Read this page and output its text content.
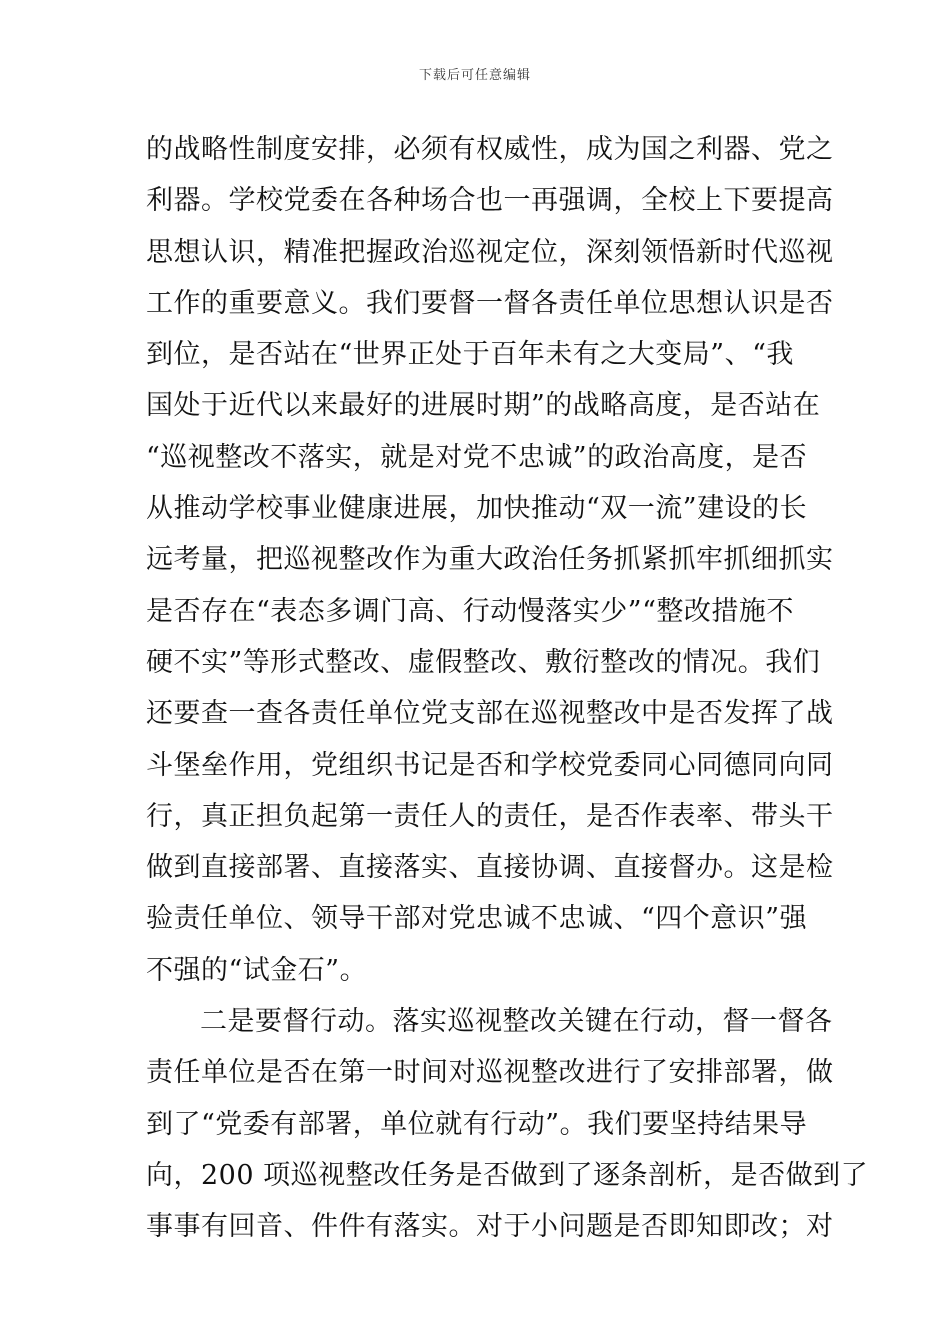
下载后可任意编辑
的战略性制度安排，必须有权威性，成为国之利器、党之
利器。学校党委在各种场合也一再强调，全校上下要提高
思想认识，精准把握政治巡视定位，深刻领悟新时代巡视
工作的重要意义。我们要督一督各责任单位思想认识是否
到位，是否站在“世界正处于百年未有之大变局”、“我
国处于近代以来最好的进展时期”的战略高度，是否站在
“巡视整改不落实，就是对党不忠诚”的政治高度，是否
从推动学校事业健康进展，加快推动“双一流”建设的长
远考量，把巡视整改作为重大政治任务抓紧抓牢抓细抓实
是否存在“表态多调门高、行动慢落实少”“整改措施不
硬不实”等形式整改、虚假整改、敷衍整改的情况。我们
还要查一查各责任单位党支部在巡视整改中是否发挥了战
斗堡垒作用，党组织书记是否和学校党委同心同德同向同
行，真正担负起第一责任人的责任，是否作表率、带头干
做到直接部署、直接落实、直接协调、直接督办。这是检
验责任单位、领导干部对党忠诚不忠诚、“四个意识”强
不强的“试金石”。
二是要督行动。落实巡视整改关键在行动，督一督各
责任单位是否在第一时间对巡视整改进行了安排部署，做
到了“党委有部署，单位就有行动”。我们要坚持结果导
向，200 项巡视整改任务是否做到了逐条剖析，是否做到了
事事有回音、件件有落实。对于小问题是否即知即改；对
